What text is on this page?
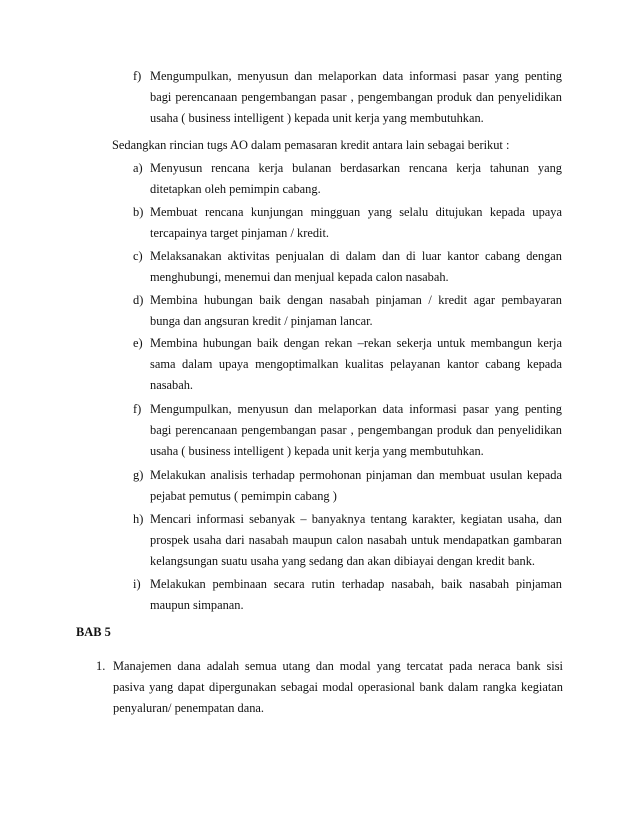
f) Mengumpulkan, menyusun dan melaporkan data informasi pasar yang penting
bagi perencanaan pengembangan pasar , pengembangan produk dan penyelidikan
usaha ( business intelligent ) kepada unit kerja yang membutuhkan.
Sedangkan rincian tugs AO dalam pemasaran kredit antara lain sebagai berikut :
a) Menyusun rencana kerja bulanan berdasarkan rencana kerja tahunan yang
ditetapkan oleh pemimpin cabang.
b) Membuat rencana kunjungan mingguan yang selalu ditujukan kepada upaya
tercapainya target pinjaman / kredit.
c) Melaksanakan aktivitas penjualan di dalam dan di luar kantor cabang dengan
menghubungi, menemui dan menjual kepada calon nasabah.
d) Membina hubungan baik dengan nasabah pinjaman / kredit agar pembayaran
bunga dan angsuran kredit / pinjaman lancar.
e) Membina hubungan baik dengan rekan –rekan sekerja untuk membangun kerja
sama dalam upaya mengoptimalkan kualitas pelayanan kantor cabang kepada
nasabah.
f) Mengumpulkan, menyusun dan melaporkan data informasi pasar yang penting
bagi perencanaan pengembangan pasar , pengembangan produk dan penyelidikan
usaha ( business intelligent ) kepada unit kerja yang membutuhkan.
g) Melakukan analisis terhadap permohonan pinjaman dan membuat usulan kepada
pejabat pemutus ( pemimpin cabang )
h) Mencari informasi sebanyak – banyaknya tentang karakter, kegiatan usaha, dan
prospek usaha dari nasabah maupun calon nasabah untuk mendapatkan gambaran
kelangsungan suatu usaha yang sedang dan akan dibiayai dengan kredit bank.
i) Melakukan pembinaan secara rutin terhadap nasabah, baik nasabah pinjaman
maupun simpanan.
BAB 5
1. Manajemen dana adalah semua utang dan modal yang tercatat pada neraca bank sisi
pasiva yang dapat dipergunakan sebagai modal operasional bank dalam rangka kegiatan
penyaluran/ penempatan dana.
